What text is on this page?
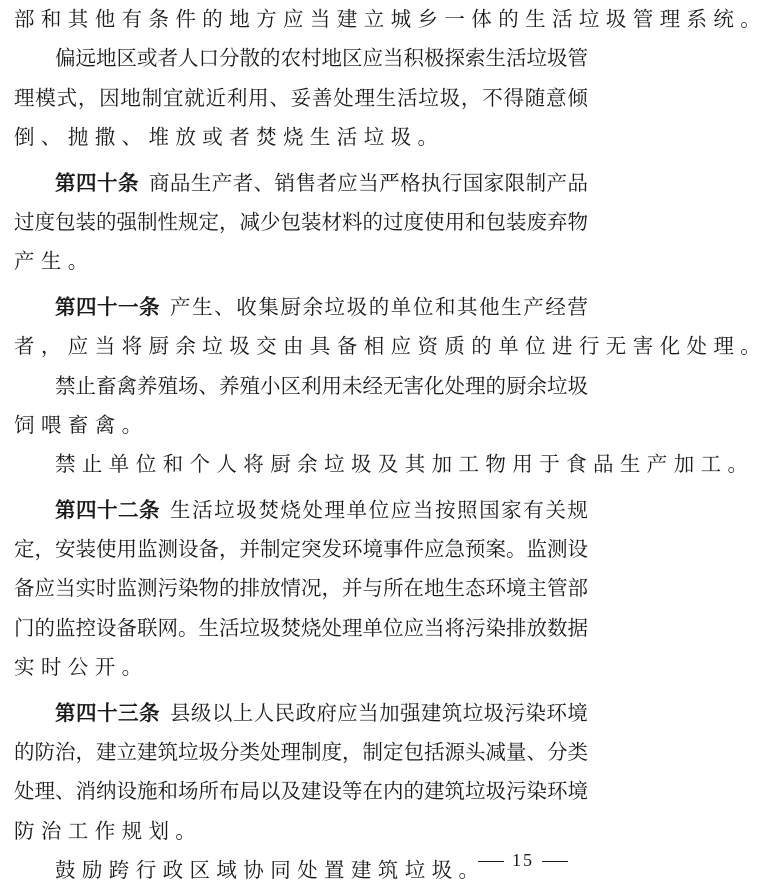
部和其他有条件的地方应当建立城乡一体的生活垃圾管理系统。
偏 远 地 区 或 者 人 口 分 散 的 农 村 地 区 应 当 积 极 探 索 生 活 垃 圾 管
理 模 式 ， 因 地 制 宜 就 近 利 用 、 妥 善 处 理 生 活 垃 圾 ， 不 得 随 意 倾
倒、抛撒、堆放或者焚烧生活垃圾。
第四十条 商 品 生 产 者 、 销 售 者 应 当 严 格 执 行 国 家 限 制 产 品
过 度 包 装 的 强 制 性 规 定 ， 减 少 包 装 材 料 的 过 度 使 用 和 包 装 废 弃 物
产生。
第四十一条 产 生 、 收 集 厨 余 垃 圾 的 单 位 和 其 他 生 产 经 营
者，应当将厨余垃圾交由具备相应资质的单位进行无害化处理。
禁 止 畜 禽 养 殖 场 、 养 殖 小 区 利 用 未 经 无 害 化 处 理 的 厨 余 垃 圾
饲喂畜禽。
禁止单位和个人将厨余垃圾及其加工物用于食品生产加工。
第四十二条 生 活 垃 圾 焚 烧 处 理 单 位 应 当 按 照 国 家 有 关 规
定 ， 安 装 使 用 监 测 设 备 ， 并 制 定 突 发 环 境 事 件 应 急 预 案 。 监 测 设
备 应 当 实 时 监 测 污 染 物 的 排 放 情 况 ， 并 与 所 在 地 生 态 环 境 主 管 部
门 的 监 控 设 备 联 网 。 生 活 垃 圾 焚 烧 处 理 单 位 应 当 将 污 染 排 放 数 据
实时公开。
第四十三条 县 级 以 上 人 民 政 府 应 当 加 强 建 筑 垃 圾 污 染 环 境
的 防 治 ， 建 立 建 筑 垃 圾 分 类 处 理 制 度 ， 制 定 包 括 源 头 减 量 、 分 类
处 理 、 消 纳 设 施 和 场 所 布 局 以 及 建 设 等 在 内 的 建 筑 垃 圾 污 染 环 境
防治工作规划。
鼓励跨行政区域协同处置建筑垃圾。	15
